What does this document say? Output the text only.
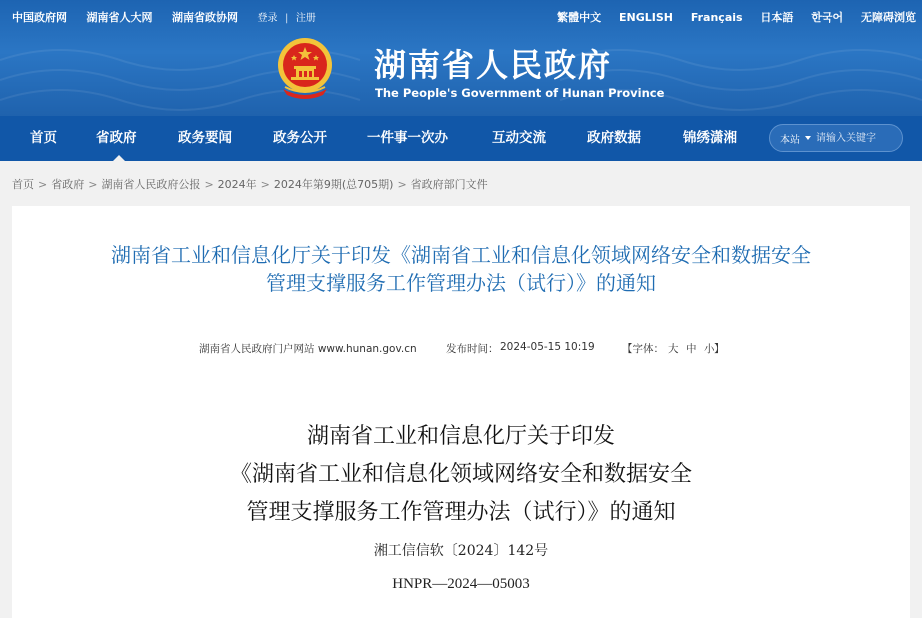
中国政府网 湖南省人大网 湖南省政协网 登录 | 注册	繁體中文 ENGLISH Français 日本語 한국어 无障碍浏览
湖南省人民政府
The People's Government of Hunan Province
首页	省政府	政务要闻	政务公开	一件事一次办	互动交流	政府数据	锦绣潇湘	本站
请输入关键字
首页 > 省政府 > 湖南省人民政府公报 > 2024年 > 2024年第9期(总705期) > 省政府部门文件
湖南省工业和信息化厅关于印发《湖南省工业和信息化领域网络安全和数据安全
管理支撑服务工作管理办法（试行）》的通知
湖南省人民政府门户网站 www.hunan.gov.cn	发布时间： 2024-05-15 10:19	【字体： 大 中 小 】
湖南省工业和信息化厅关于印发
《湖南省工业和信息化领域网络安全和数据安全
管理支撑服务工作管理办法（试行）》的通知
湘工信信软〔2024〕142号
HNPR—2024—05003
